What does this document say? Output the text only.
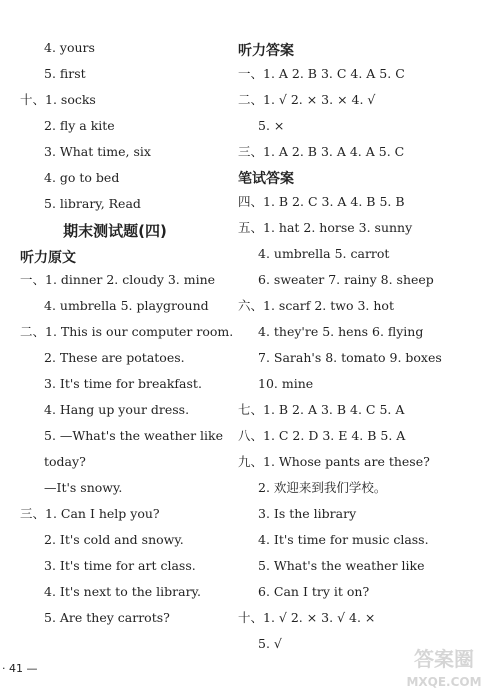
4. yours
5. first
十、1. socks
2. fly a kite
3. What time, six
4. go to bed
5. library, Read
期末测试题(四)
听力原文
一、1. dinner 2. cloudy 3. mine
4. umbrella 5. playground
二、1. This is our computer room.
2. These are potatoes.
3. It's time for breakfast.
4. Hang up your dress.
5. —What's the weather like
today?
—It's snowy.
三、1. Can I help you?
2. It's cold and snowy.
3. It's time for art class.
4. It's next to the library.
5. Are they carrots?
听力答案
一、1. A 2. B 3. C 4. A 5. C
二、1. √ 2. × 3. × 4. √
5. ×
三、1. A 2. B 3. A 4. A 5. C
笔试答案
四、1. B 2. C 3. A 4. B 5. B
五、1. hat 2. horse 3. sunny
4. umbrella 5. carrot
6. sweater 7. rainy 8. sheep
六、1. scarf 2. two 3. hot
4. they're 5. hens 6. flying
7. Sarah's 8. tomato 9. boxes
10. mine
七、1. B 2. A 3. B 4. C 5. A
八、1. C 2. D 3. E 4. B 5. A
九、1. Whose pants are these?
2. 欢迎来到我们学校。
3. Is the library
4. It's time for music class.
5. What's the weather like
6. Can I try it on?
十、1. √ 2. × 3. √ 4. ×
5. √
· 41 —	答案圈
MXQE.COM
